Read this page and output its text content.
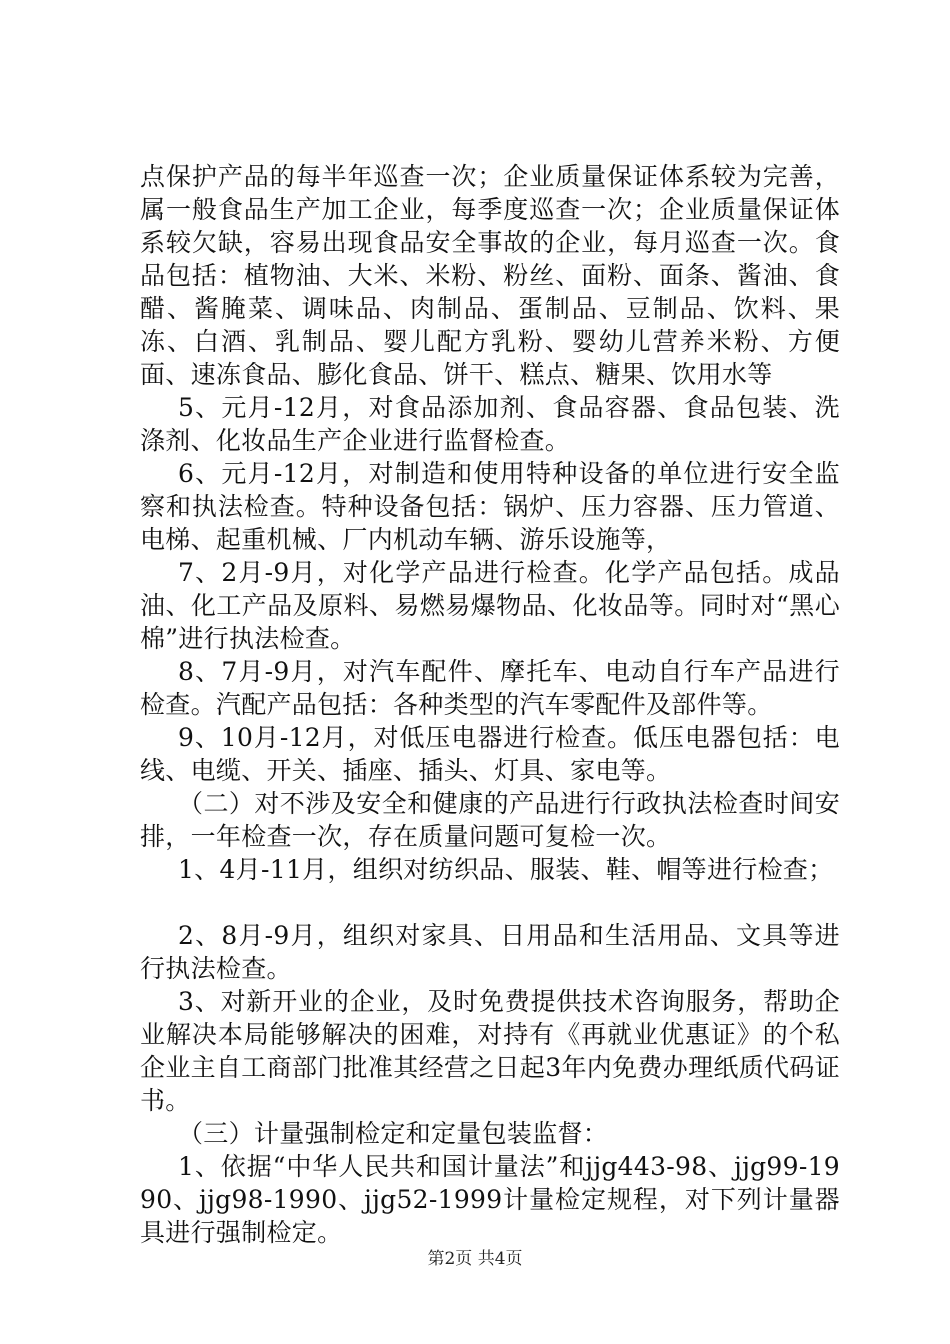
点保护产品的每半年巡查一次；企业质量保证体系较为完善，属一般食品生产加工企业，每季度巡查一次；企业质量保证体系较欠缺，容易出现食品安全事故的企业，每月巡查一次。食品包括：植物油、大米、米粉、粉丝、面粉、面条、酱油、食醋、酱腌菜、调味品、肉制品、蛋制品、豆制品、饮料、果冻、白酒、乳制品、婴儿配方乳粉、婴幼儿营养米粉、方便面、速冻食品、膨化食品、饼干、糕点、糖果、饮用水等

5、元月-12月，对食品添加剂、食品容器、食品包装、洗涤剂、化妆品生产企业进行监督检查。

6、元月-12月，对制造和使用特种设备的单位进行安全监察和执法检查。特种设备包括：锅炉、压力容器、压力管道、电梯、起重机械、厂内机动车辆、游乐设施等，

7、2月-9月，对化学产品进行检查。化学产品包括。成品油、化工产品及原料、易燃易爆物品、化妆品等。同时对“黑心棉”进行执法检查。

8、7月-9月，对汽车配件、摩托车、电动自行车产品进行检查。汽配产品包括：各种类型的汽车零配件及部件等。

9、10月-12月，对低压电器进行检查。低压电器包括：电线、电缆、开关、插座、插头、灯具、家电等。

（二）对不涉及安全和健康的产品进行行政执法检查时间安排，一年检查一次，存在质量问题可复检一次。

1、4月-11月，组织对纺织品、服装、鞋、帽等进行检查；

2、8月-9月，组织对家具、日用品和生活用品、文具等进行执法检查。

3、对新开业的企业，及时免费提供技术咨询服务，帮助企业解决本局能够解决的困难，对持有《再就业优惠证》的个私企业主自工商部门批准其经营之日起3年内免费办理纸质代码证书。

（三）计量强制检定和定量包装监督：

1、依据“中华人民共和国计量法”和jjg443-98、jjg99-1990、jjg98-1990、jjg52-1999计量检定规程，对下列计量器具进行强制检定。

第2页 共4页
